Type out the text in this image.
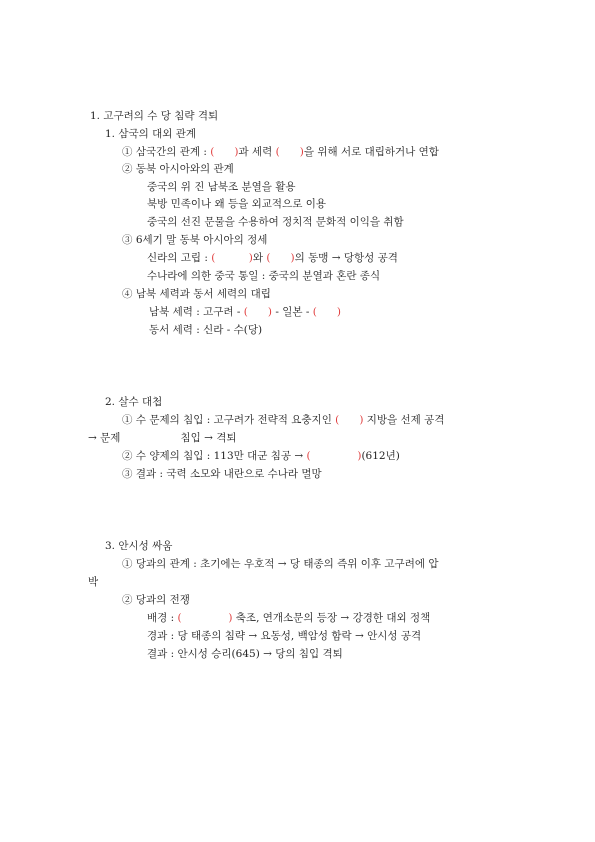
1. 고구려의 수 당 침략 격퇴
1. 삼국의 대외 관계
① 삼국간의 관계 : ( )과 세력 ( )을 위해 서로 대립하거나 연합
② 동북 아시아와의 관계
중국의 위 진 남북조 분열을 활용
북방 민족이나 왜 등을 외교적으로 이용
중국의 선진 문물을 수용하여 정치적 문화적 이익을 취함
③ 6세기 말 동북 아시아의 정세
신라의 고립 : (	)와 ( )의 동맹 → 당항성 공격
수나라에 의한 중국 통일 : 중국의 분열과 혼란 종식
④ 남북 세력과 동서 세력의 대립
남북 세력 : 고구려 - ( ) - 일본 - ( )
동서 세력 : 신라 - 수(당)
2. 살수 대첩
① 수 문제의 침입 : 고구려가 전략적 요충지인 ( ) 지방을 선제 공격
→ 문제                  침입 → 격퇴
② 수 양제의 침입 : 113만 대군 침공 → (	)(612년)
③ 결과 : 국력 소모와 내란으로 수나라 멸망
3. 안시성 싸움
① 당과의 관계 : 초기에는 우호적 → 당 태종의 즉위 이후 고구려에 압
박
② 당과의 전쟁
배경 : (	) 축조, 연개소문의 등장 → 강경한 대외 정책
경과 : 당 태종의 침략 → 요동성, 백암성 함락 → 안시성 공격
결과 : 안시성 승리(645) → 당의 침입 격퇴
